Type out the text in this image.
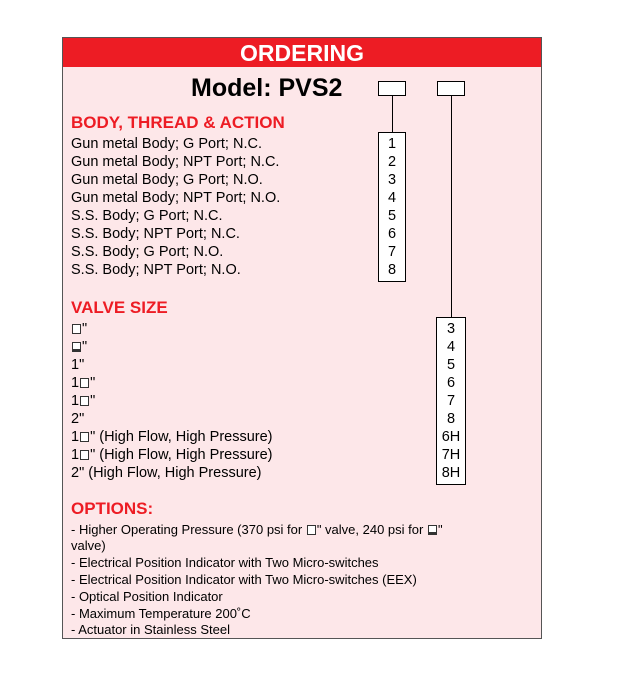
ORDERING
Model: PVS2
BODY, THREAD & ACTION
Gun metal Body; G Port; N.C.
Gun metal Body; NPT Port; N.C.
Gun metal Body; G Port; N.O.
Gun metal Body; NPT Port; N.O.
S.S. Body; G Port; N.C.
S.S. Body; NPT Port; N.C.
S.S. Body; G Port; N.O.
S.S. Body; NPT Port; N.O.
1
2
3
4
5
6
7
8
VALVE SIZE
"
"
1"
1 "
1 "
2"
1 " (High Flow, High Pressure)
1 " (High Flow, High Pressure)
2" (High Flow, High Pressure)
3
4
5
6
7
8
6H
7H
8H
OPTIONS:
- Higher Operating Pressure (370 psi for " valve, 240 psi for "
valve)
- Electrical Position Indicator with Two Micro-switches
- Electrical Position Indicator with Two Micro-switches (EEX)
- Optical Position Indicator
- Maximum Temperature 200˚C
- Actuator in Stainless Steel
